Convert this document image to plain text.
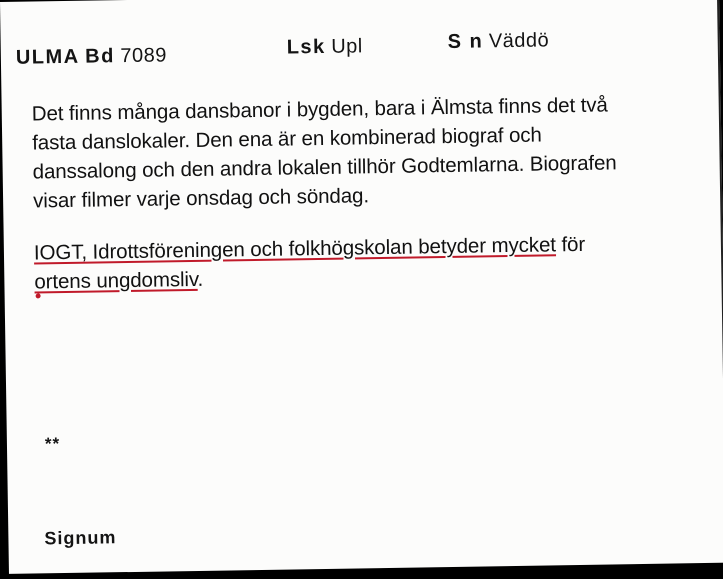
ULMA Bd 7089	Lsk Upl	S n Väddö
Det finns många dansbanor i bygden, bara i Älmsta finns det två
fasta danslokaler. Den ena är en kombinerad biograf och
danssalong och den andra lokalen tillhör Godtemlarna. Biografen
visar filmer varje onsdag och söndag.
IOGT, Idrottsföreningen och folkhögskolan betyder mycket för
ortens ungdomsliv.
**
Signum
